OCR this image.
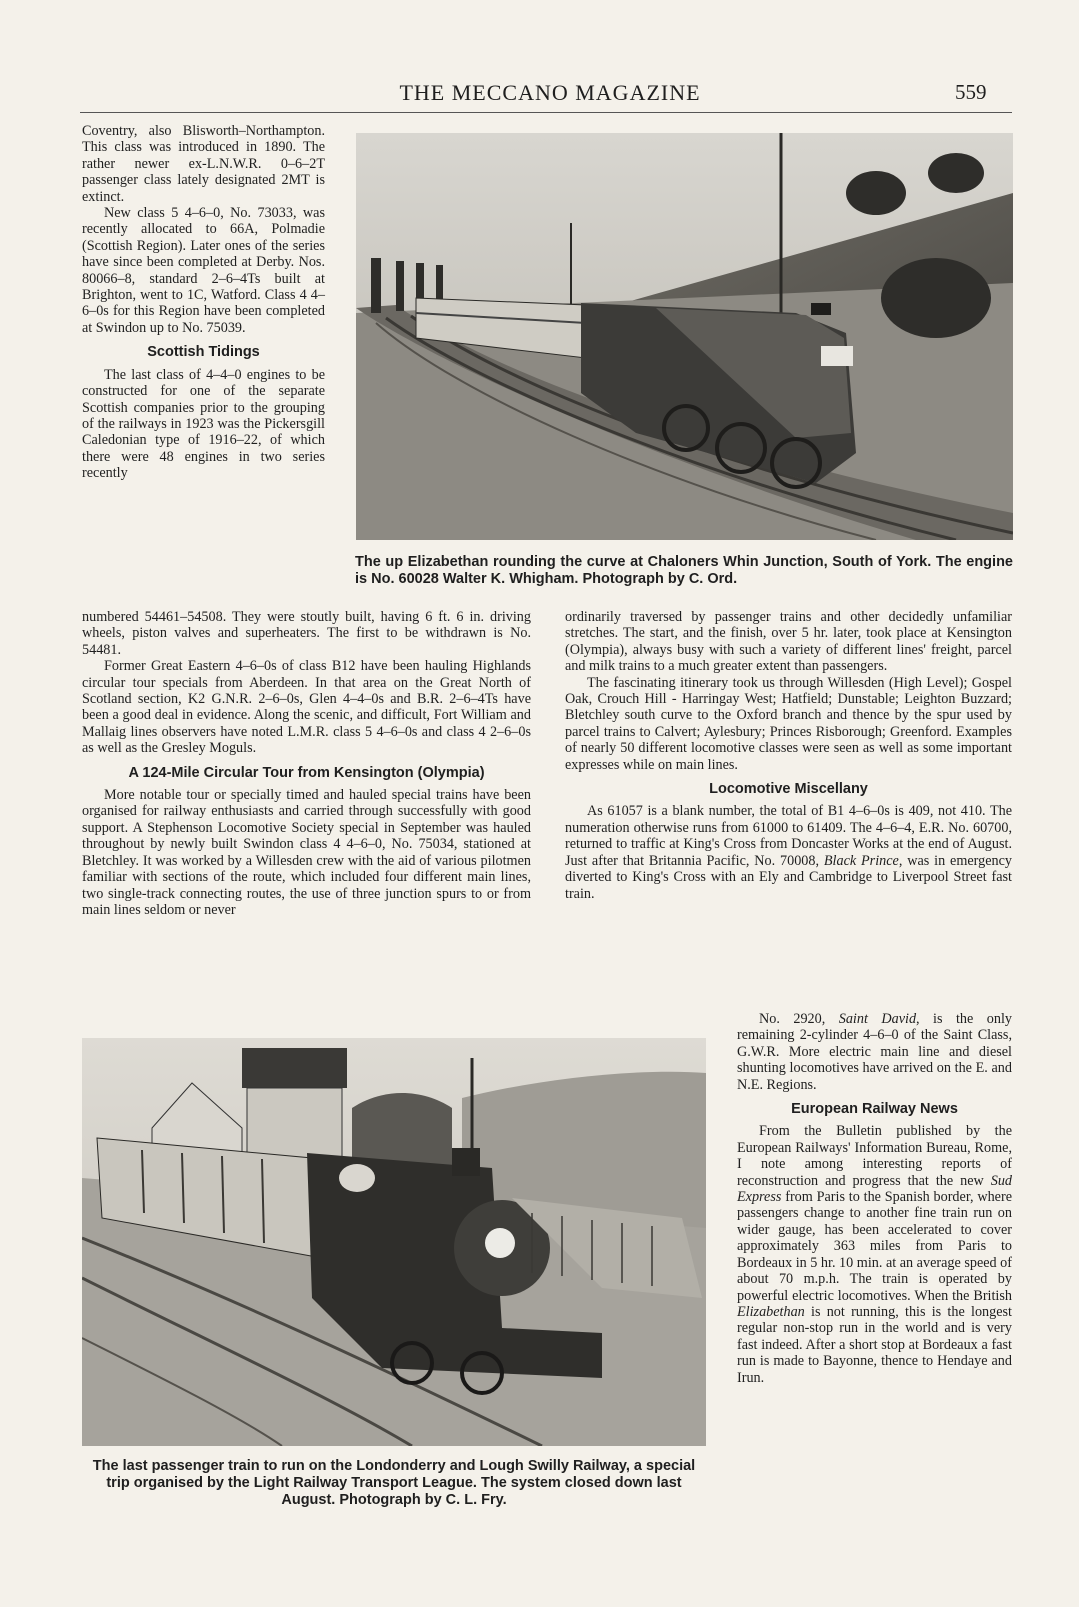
THE MECCANO MAGAZINE	559

Coventry, also Blisworth–Northampton. This class was introduced in 1890. The rather newer ex-L.N.W.R. 0–6–2T passenger class lately designated 2MT is extinct.

New class 5 4–6–0, No. 73033, was recently allocated to 66A, Polmadie (Scottish Region). Later ones of the series have since been completed at Derby. Nos. 80066–8, standard 2–6–4Ts built at Brighton, went to 1C, Watford. Class 4 4–6–0s for this Region have been completed at Swindon up to No. 75039.

Scottish Tidings

The last class of 4–4–0 engines to be constructed for one of the separate Scottish companies prior to the grouping of the railways in 1923 was the Pickersgill Caledonian type of 1916–22, of which there were 48 engines in two series recently

The up Elizabethan rounding the curve at Chaloners Whin Junction, South of York. The engine is No. 60028 Walter K. Whigham. Photograph by C. Ord.

numbered 54461–54508. They were stoutly built, having 6 ft. 6 in. driving wheels, piston valves and superheaters. The first to be withdrawn is No. 54481.

Former Great Eastern 4–6–0s of class B12 have been hauling Highlands circular tour specials from Aberdeen. In that area on the Great North of Scotland section, K2 G.N.R. 2–6–0s, Glen 4–4–0s and B.R. 2–6–4Ts have been a good deal in evidence. Along the scenic, and difficult, Fort William and Mallaig lines observers have noted L.M.R. class 5 4–6–0s and class 4 2–6–0s as well as the Gresley Moguls.

A 124-Mile Circular Tour from Kensington (Olympia)

More notable tour or specially timed and hauled special trains have been organised for railway enthusiasts and carried through successfully with good support. A Stephenson Locomotive Society special in September was hauled throughout by newly built Swindon class 4 4–6–0, No. 75034, stationed at Bletchley. It was worked by a Willesden crew with the aid of various pilotmen familiar with sections of the route, which included four different main lines, two single-track connecting routes, the use of three junction spurs to or from main lines seldom or never

ordinarily traversed by passenger trains and other decidedly unfamiliar stretches. The start, and the finish, over 5 hr. later, took place at Kensington (Olympia), always busy with such a variety of different lines' freight, parcel and milk trains to a much greater extent than passengers.

The fascinating itinerary took us through Willesden (High Level); Gospel Oak, Crouch Hill - Harringay West; Hatfield; Dunstable; Leighton Buzzard; Bletchley south curve to the Oxford branch and thence by the spur used by parcel trains to Calvert; Aylesbury; Princes Risborough; Greenford. Examples of nearly 50 different locomotive classes were seen as well as some important expresses while on main lines.

Locomotive Miscellany

As 61057 is a blank number, the total of B1 4–6–0s is 409, not 410. The numeration otherwise runs from 61000 to 61409. The 4–6–4, E.R. No. 60700, returned to traffic at King's Cross from Doncaster Works at the end of August. Just after that Britannia Pacific, No. 70008, Black Prince, was in emergency diverted to King's Cross with an Ely and Cambridge to Liverpool Street fast train.

No. 2920, Saint David, is the only remaining 2-cylinder 4–6–0 of the Saint Class, G.W.R. More electric main line and diesel shunting locomotives have arrived on the E. and N.E. Regions.

European Railway News

From the Bulletin published by the European Railways' Information Bureau, Rome, I note among interesting reports of reconstruction and progress that the new Sud Express from Paris to the Spanish border, where passengers change to another fine train run on wider gauge, has been accelerated to cover approximately 363 miles from Paris to Bordeaux in 5 hr. 10 min. at an average speed of about 70 m.p.h. The train is operated by powerful electric locomotives. When the British Elizabethan is not running, this is the longest regular non-stop run in the world and is very fast indeed. After a short stop at Bordeaux a fast run is made to Bayonne, thence to Hendaye and Irun.

The last passenger train to run on the Londonderry and Lough Swilly Railway, a special trip organised by the Light Railway Transport League. The system closed down last August. Photograph by C. L. Fry.
